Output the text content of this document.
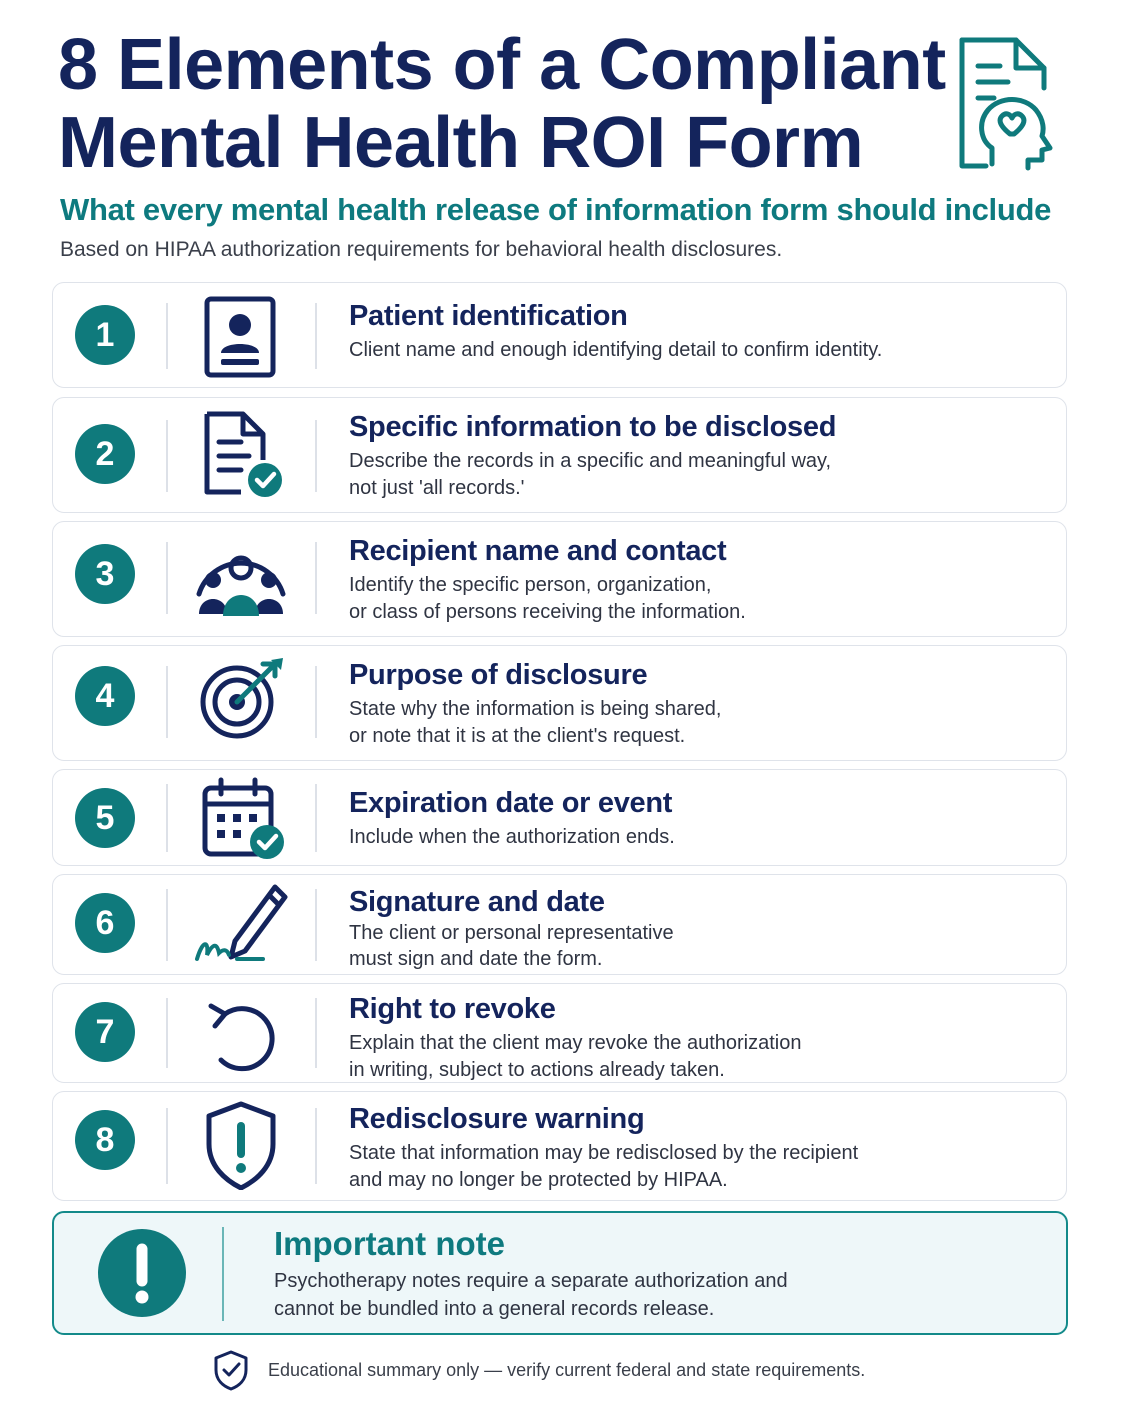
8 Elements of a Compliant
Mental Health ROI Form
What every mental health release of information form should include
Based on HIPAA authorization requirements for behavioral health disclosures.
1	Patient identification
Client name and enough identifying detail to confirm identity.
2
Specific information to be disclosed
Describe the records in a specific and meaningful way,
not just 'all records.'
3
Recipient name and contact
Identify the specific person, organization,
or class of persons receiving the information.
4
Purpose of disclosure
State why the information is being shared,
or note that it is at the client's request.
5	Expiration date or event
Include when the authorization ends.
6
Signature and date
The client or personal representative
must sign and date the form.
7
Right to revoke
Explain that the client may revoke the authorization
in writing, subject to actions already taken.
8
Redisclosure warning
State that information may be redisclosed by the recipient
and may no longer be protected by HIPAA.
Important note
Psychotherapy notes require a separate authorization and
cannot be bundled into a general records release.
Educational summary only — verify current federal and state requirements.
